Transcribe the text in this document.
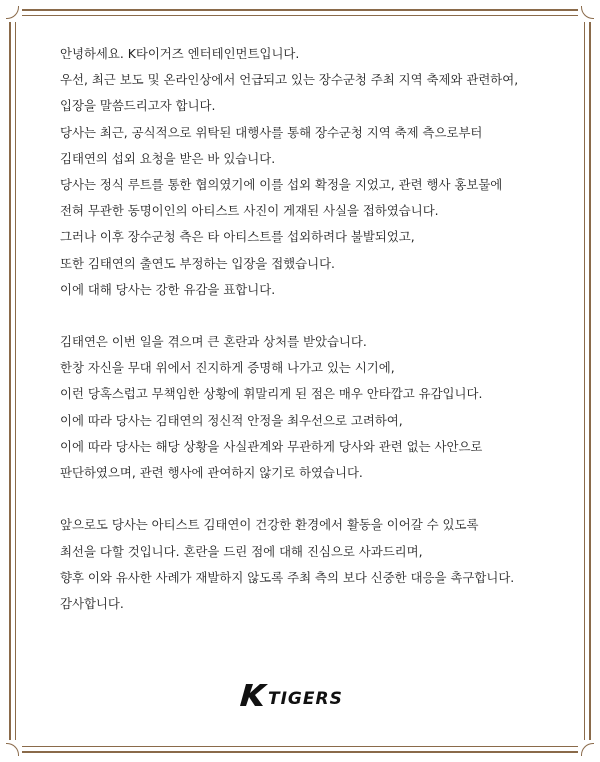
안녕하세요. K타이거즈 엔터테인먼트입니다.
우선, 최근 보도 및 온라인상에서 언급되고 있는 장수군청 주최 지역 축제와 관련하여,
입장을 말씀드리고자 합니다.
당사는 최근, 공식적으로 위탁된 대행사를 통해 장수군청 지역 축제 측으로부터
김태연의 섭외 요청을 받은 바 있습니다.
당사는 정식 루트를 통한 협의였기에 이를 섭외 확정을 지었고, 관련 행사 홍보물에
전혀 무관한 동명이인의 아티스트 사진이 게재된 사실을 접하였습니다.
그러나 이후 장수군청 측은 타 아티스트를 섭외하려다 불발되었고,
또한 김태연의 출연도 부정하는 입장을 접했습니다.
이에 대해 당사는 강한 유감을 표합니다.
김태연은 이번 일을 겪으며 큰 혼란과 상처를 받았습니다.
한창 자신을 무대 위에서 진지하게 증명해 나가고 있는 시기에,
이런 당혹스럽고 무책임한 상황에 휘말리게 된 점은 매우 안타깝고 유감입니다.
이에 따라 당사는 김태연의 정신적 안정을 최우선으로 고려하여,
이에 따라 당사는 해당 상황을 사실관계와 무관하게 당사와 관련 없는 사안으로
판단하였으며, 관련 행사에 관여하지 않기로 하였습니다.
앞으로도 당사는 아티스트 김태연이 건강한 환경에서 활동을 이어갈 수 있도록
최선을 다할 것입니다. 혼란을 드린 점에 대해 진심으로 사과드리며,
향후 이와 유사한 사례가 재발하지 않도록 주최 측의 보다 신중한 대응을 촉구합니다.
감사합니다.
TIGERS
